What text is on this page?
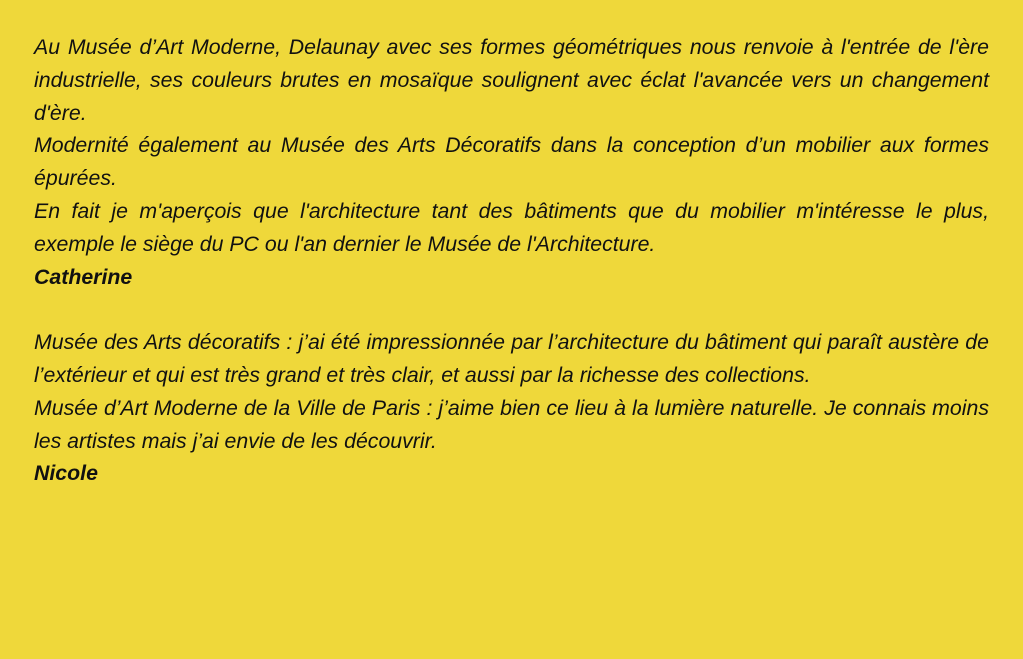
Au Musée d’Art Moderne, Delaunay avec ses formes géométriques nous renvoie à l'entrée de l'ère industrielle, ses couleurs brutes en mosaïque soulignent avec éclat l'avancée vers un changement d'ère.

Modernité également au Musée des Arts Décoratifs dans la conception d’un mobilier aux formes épurées.

En fait je m'aperçois que l'architecture tant des bâtiments que du mobilier m'intéresse le plus, exemple le siège du PC ou l'an dernier le Musée de l'Architecture.

Catherine

Musée des Arts décoratifs : j’ai été impressionnée par l’architecture du bâtiment qui paraît austère de l’extérieur et qui est très grand et très clair, et aussi par la richesse des collections.

Musée d’Art Moderne de la Ville de Paris : j’aime bien ce lieu à la lumière naturelle. Je connais moins les artistes mais j’ai envie de les découvrir.

Nicole
